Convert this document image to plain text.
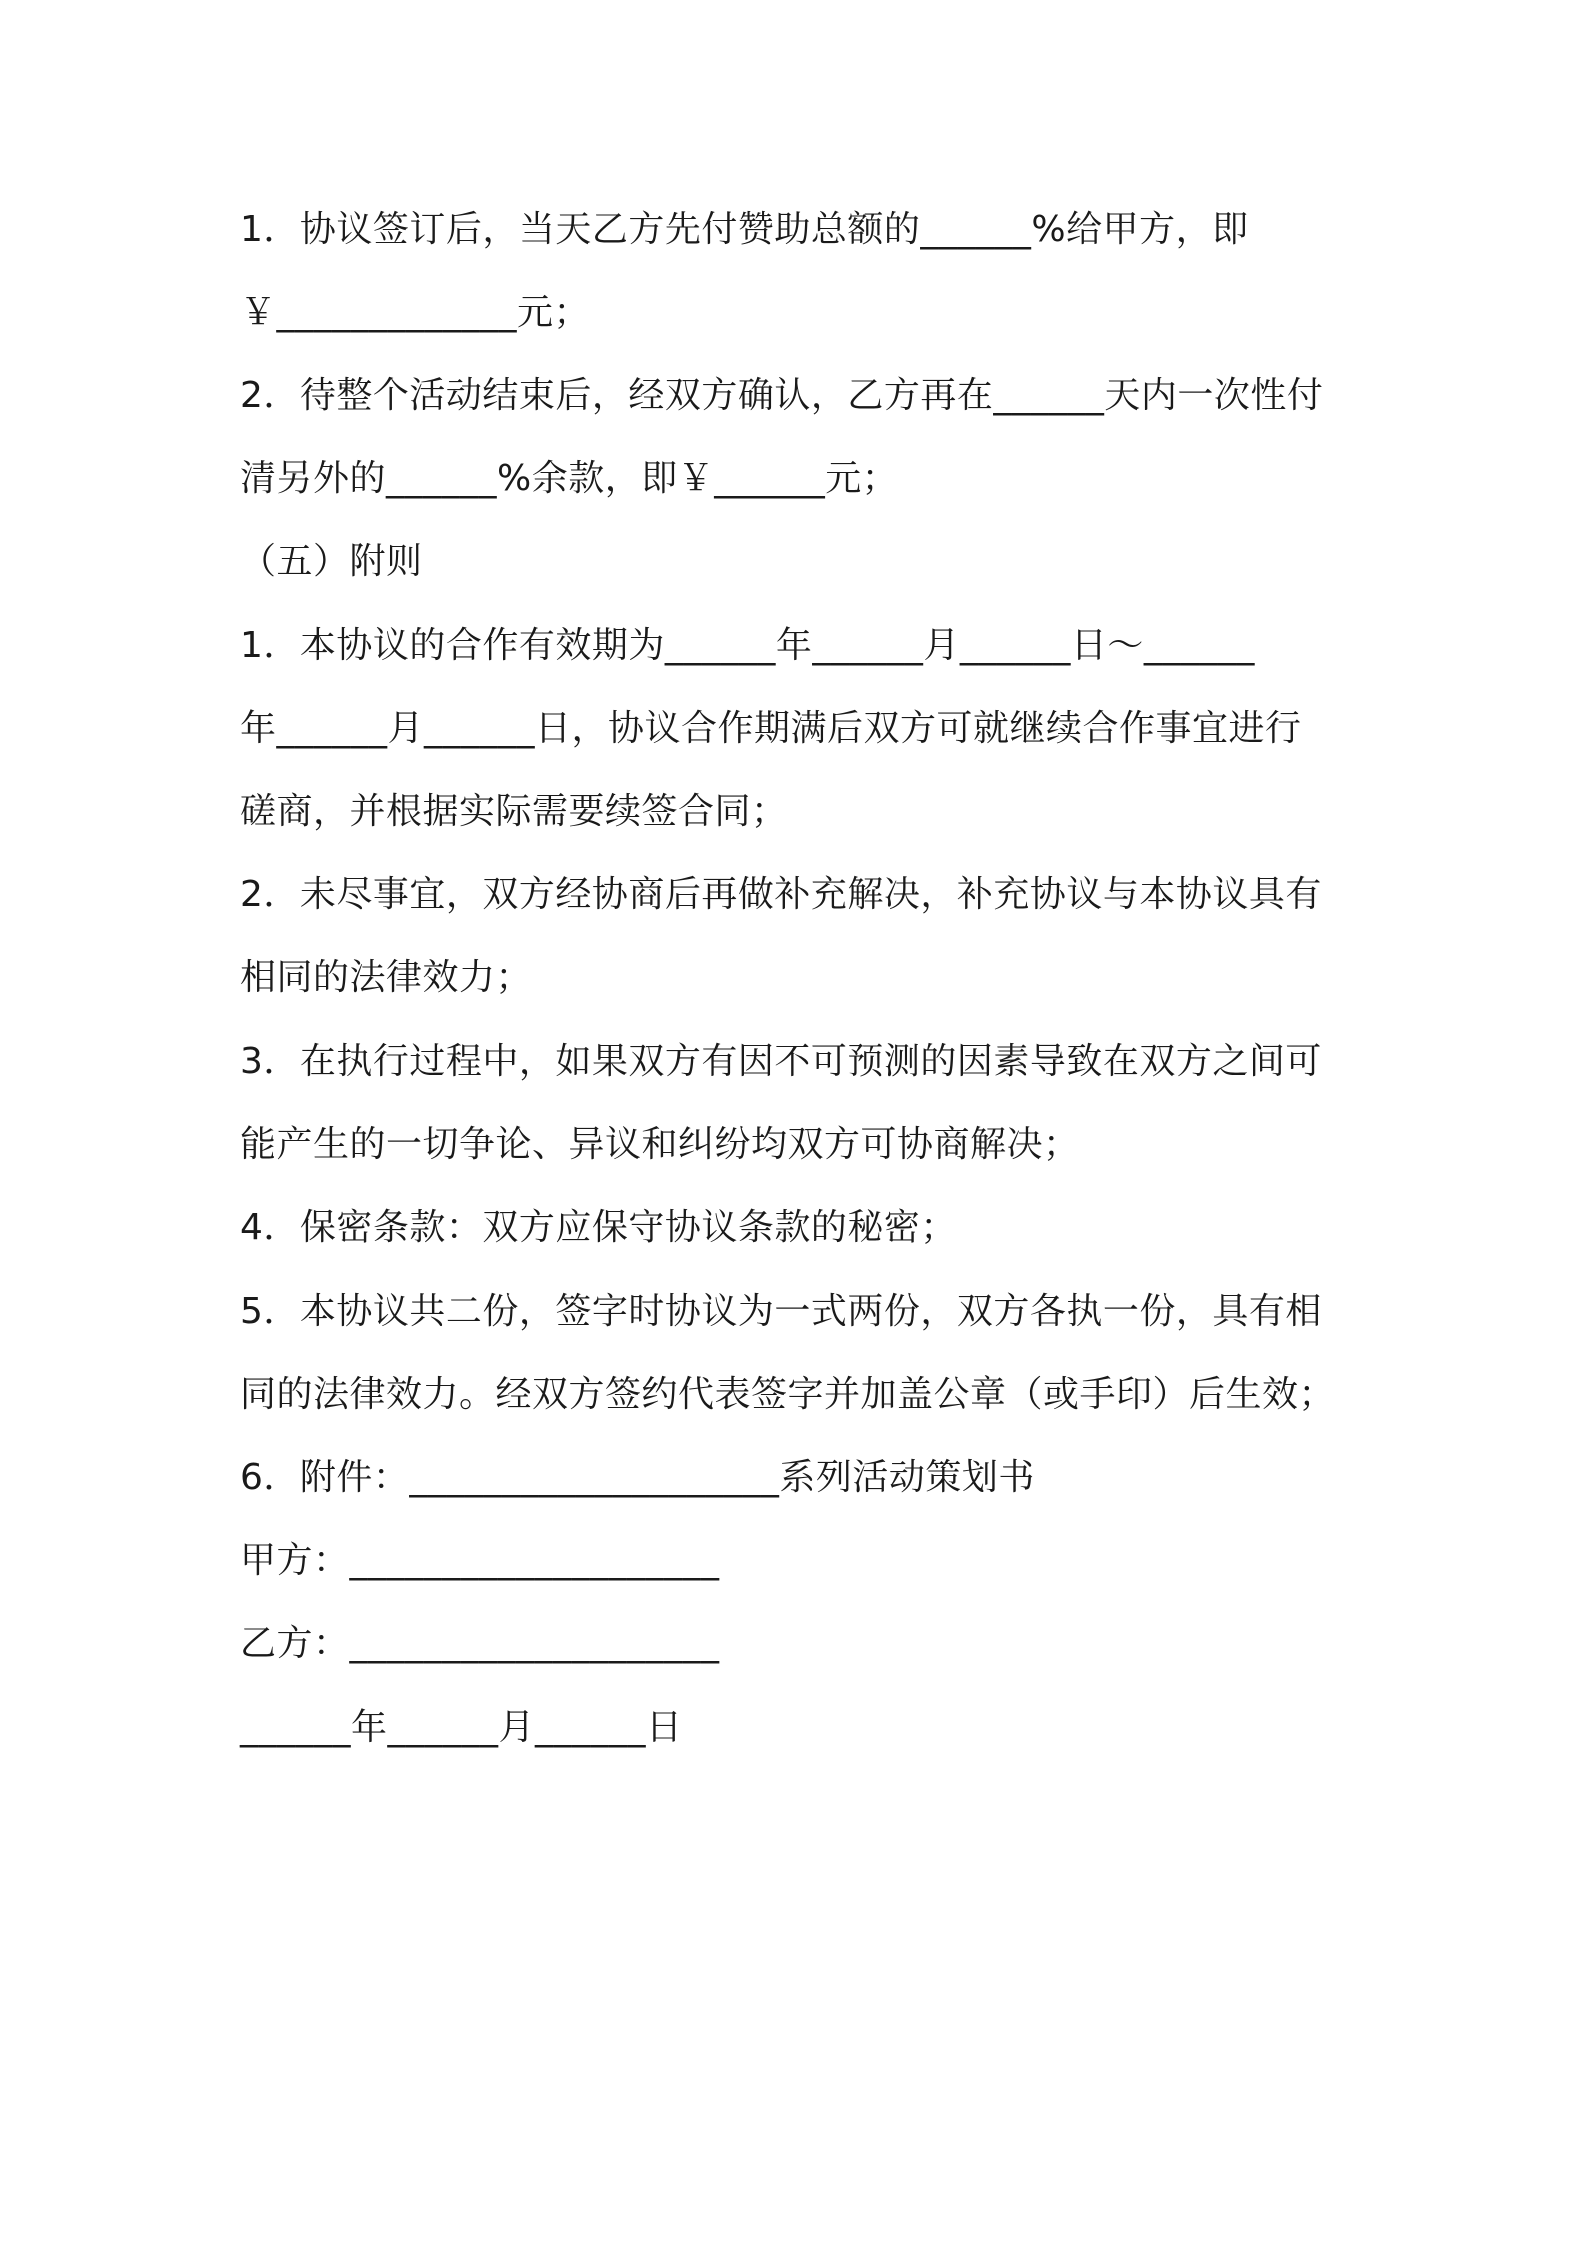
1．协议签订后，当天乙方先付赞助总额的______%给甲方，即
￥_____________元；
2．待整个活动结束后，经双方确认，乙方再在______天内一次性付
清另外的______%余款，即￥______元；
（五）附则
1．本协议的合作有效期为______年______月______日～______
年______月______日，协议合作期满后双方可就继续合作事宜进行
磋商，并根据实际需要续签合同；
2．未尽事宜，双方经协商后再做补充解决，补充协议与本协议具有
相同的法律效力；
3．在执行过程中，如果双方有因不可预测的因素导致在双方之间可
能产生的一切争论、异议和纠纷均双方可协商解决；
4．保密条款：双方应保守协议条款的秘密；
5．本协议共二份，签字时协议为一式两份，双方各执一份，具有相
同的法律效力。经双方签约代表签字并加盖公章（或手印）后生效；
6．附件：____________________系列活动策划书
甲方：____________________
乙方：____________________
______年______月______日
